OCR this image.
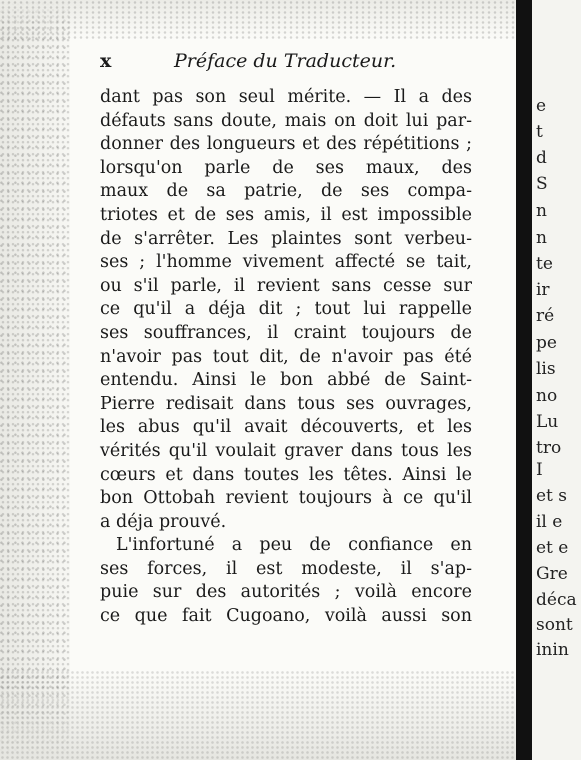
x	Préface du Traducteur.
dant pas son seul mérite. — Il a des
défauts sans doute, mais on doit lui par-
donner des longueurs et des répétitions ;
lorsqu'on parle de ses maux, des
maux de sa patrie, de ses compa-
triotes et de ses amis, il est impossible
de s'arrêter. Les plaintes sont verbeu-
ses ; l'homme vivement affecté se tait,
ou s'il parle, il revient sans cesse sur
ce qu'il a déja dit ; tout lui rappelle
ses souffrances, il craint toujours de
n'avoir pas tout dit, de n'avoir pas été
entendu. Ainsi le bon abbé de Saint-
Pierre redisait dans tous ses ouvrages,
les abus qu'il avait découverts, et les
vérités qu'il voulait graver dans tous les
cœurs et dans toutes les têtes. Ainsi le
bon Ottobah revient toujours à ce qu'il
a déja prouvé.
L'infortuné a peu de confiance en
ses forces, il est modeste, il s'ap-
puie sur des autorités ; voilà encore
ce que fait Cugoano, voilà aussi son
e
t
d
S
n
n
te
ir
ré
pe
lis
no
Lu
tro
I
et s
il e
et e
Gre
déca
sont
inin
